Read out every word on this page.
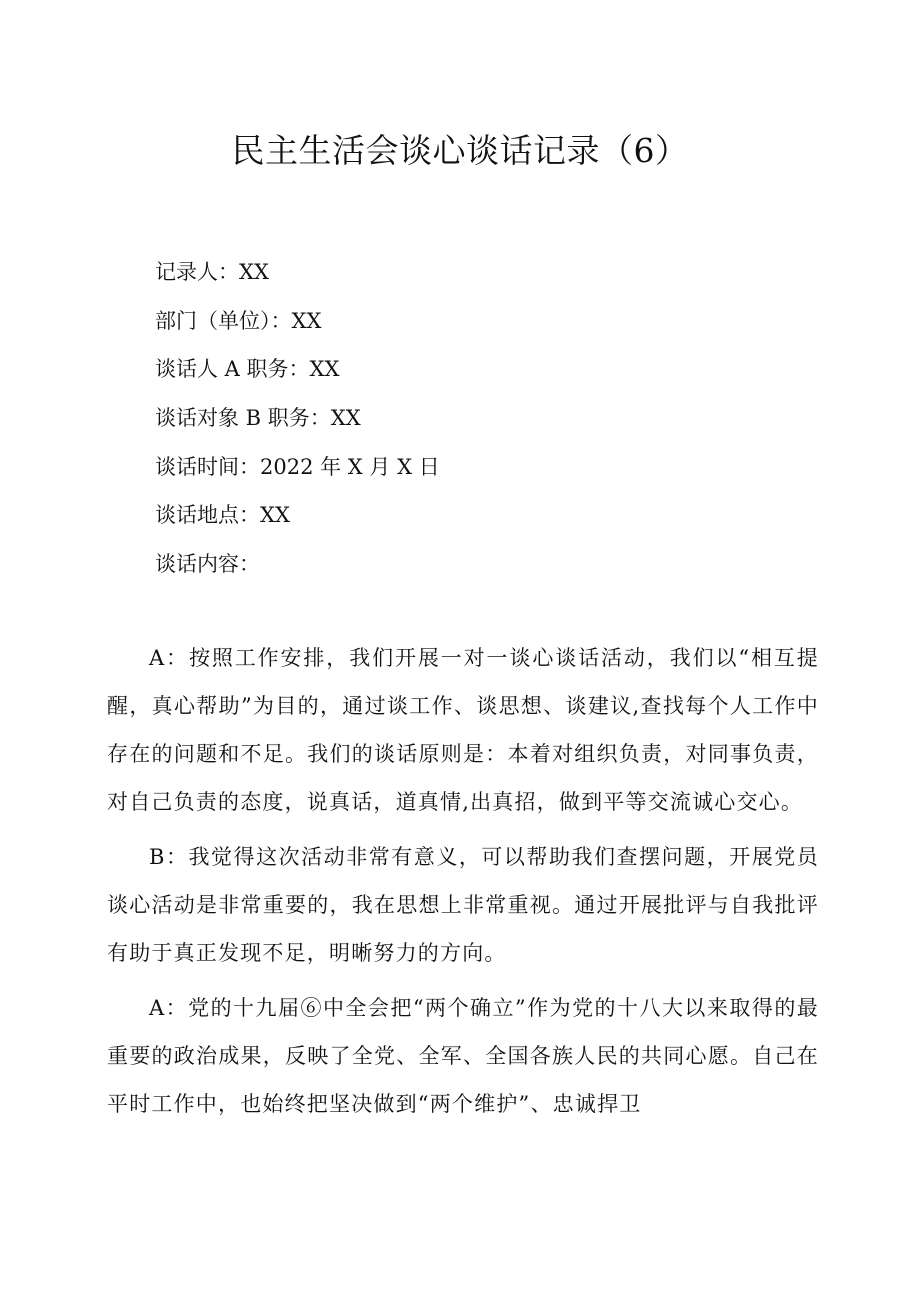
民主生活会谈心谈话记录（6）
记录人：XX
部门（单位）：XX
谈话人 A 职务：XX
谈话对象 B 职务：XX
谈话时间：2022 年 X 月 X 日
谈话地点：XX
谈话内容：

A：按照工作安排，我们开展一对一谈心谈话活动，我们以“相互提醒，真心帮助”为目的，通过谈工作、谈思想、谈建议,查找每个人工作中存在的问题和不足。我们的谈话原则是：本着对组织负责，对同事负责，对自己负责的态度，说真话，道真情,出真招，做到平等交流诚心交心。

B：我觉得这次活动非常有意义，可以帮助我们查摆问题，开展党员谈心活动是非常重要的，我在思想上非常重视。通过开展批评与自我批评有助于真正发现不足，明晰努力的方向。

A：党的十九届⑥中全会把“两个确立”作为党的十八大以来取得的最重要的政治成果，反映了全党、全军、全国各族人民的共同心愿。自己在平时工作中，也始终把坚决做到“两个维护”、忠诚捍卫
